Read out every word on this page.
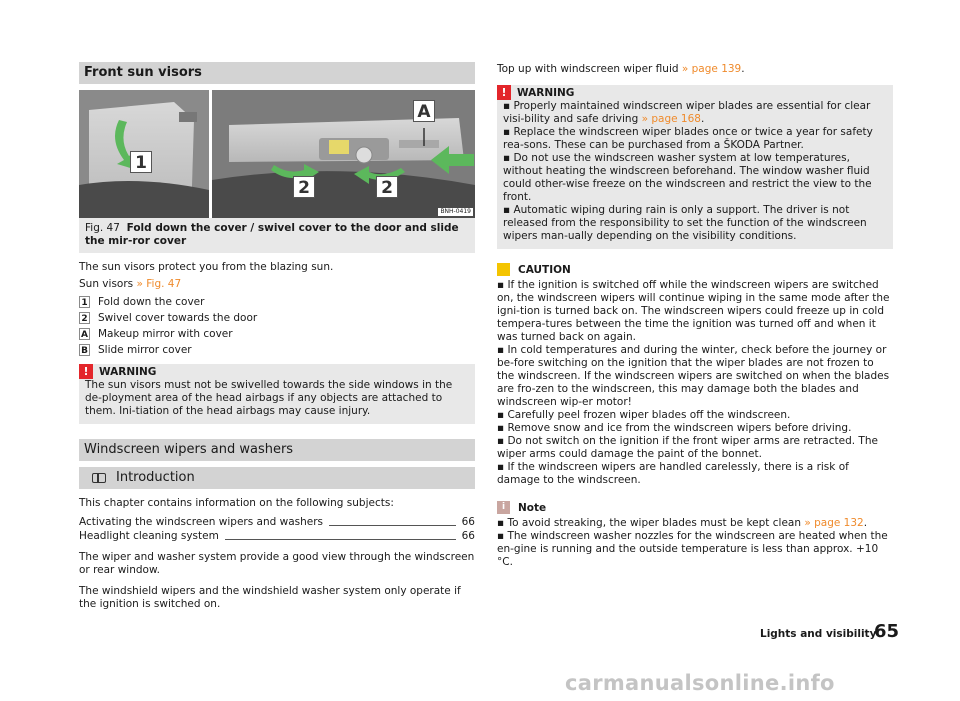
Front sun visors
1
2	2
A
BNH-0419
Fig. 47 Fold down the cover / swivel cover to the door and slide the mir-ror cover

The sun visors protect you from the blazing sun.

Sun visors » Fig. 47

1 Fold down the cover
2 Swivel cover towards the door
A Makeup mirror with cover
B Slide mirror cover
! WARNING
The sun visors must not be swivelled towards the side windows in the de-ployment area of the head airbags if any objects are attached to them. Ini-tiation of the head airbags may cause injury.
Windscreen wipers and washers
Introduction

This chapter contains information on the following subjects:

Activating the windscreen wipers and washers	66
Headlight cleaning system	66

The wiper and washer system provide a good view through the windscreen or rear window.

The windshield wipers and the windshield washer system only operate if the ignition is switched on.

Top up with windscreen wiper fluid » page 139.

! WARNING
▪ Properly maintained windscreen wiper blades are essential for clear visi-bility and safe driving » page 168.
▪ Replace the windscreen wiper blades once or twice a year for safety rea-sons. These can be purchased from a ŠKODA Partner.
▪ Do not use the windscreen washer system at low temperatures, without heating the windscreen beforehand. The window washer fluid could other-wise freeze on the windscreen and restrict the view to the front.
▪ Automatic wiping during rain is only a support. The driver is not released from the responsibility to set the function of the windscreen wipers man-ually depending on the visibility conditions.
CAUTION
▪ If the ignition is switched off while the windscreen wipers are switched on, the windscreen wipers will continue wiping in the same mode after the igni-tion is turned back on. The windscreen wipers could freeze up in cold tempera-tures between the time the ignition was turned off and when it was turned back on again.
▪ In cold temperatures and during the winter, check before the journey or be-fore switching on the ignition that the wiper blades are not frozen to the windscreen. If the windscreen wipers are switched on when the blades are fro-zen to the windscreen, this may damage both the blades and windscreen wip-er motor!
▪ Carefully peel frozen wiper blades off the windscreen.
▪ Remove snow and ice from the windscreen wipers before driving.
▪ Do not switch on the ignition if the front wiper arms are retracted. The wiper arms could damage the paint of the bonnet.
▪ If the windscreen wipers are handled carelessly, there is a risk of damage to the windscreen.
i	Note
▪ To avoid streaking, the wiper blades must be kept clean » page 132.
▪ The windscreen washer nozzles for the windscreen are heated when the en-gine is running and the outside temperature is less than approx. +10 °C.
Lights and visibility
65
carmanualsonline.info
